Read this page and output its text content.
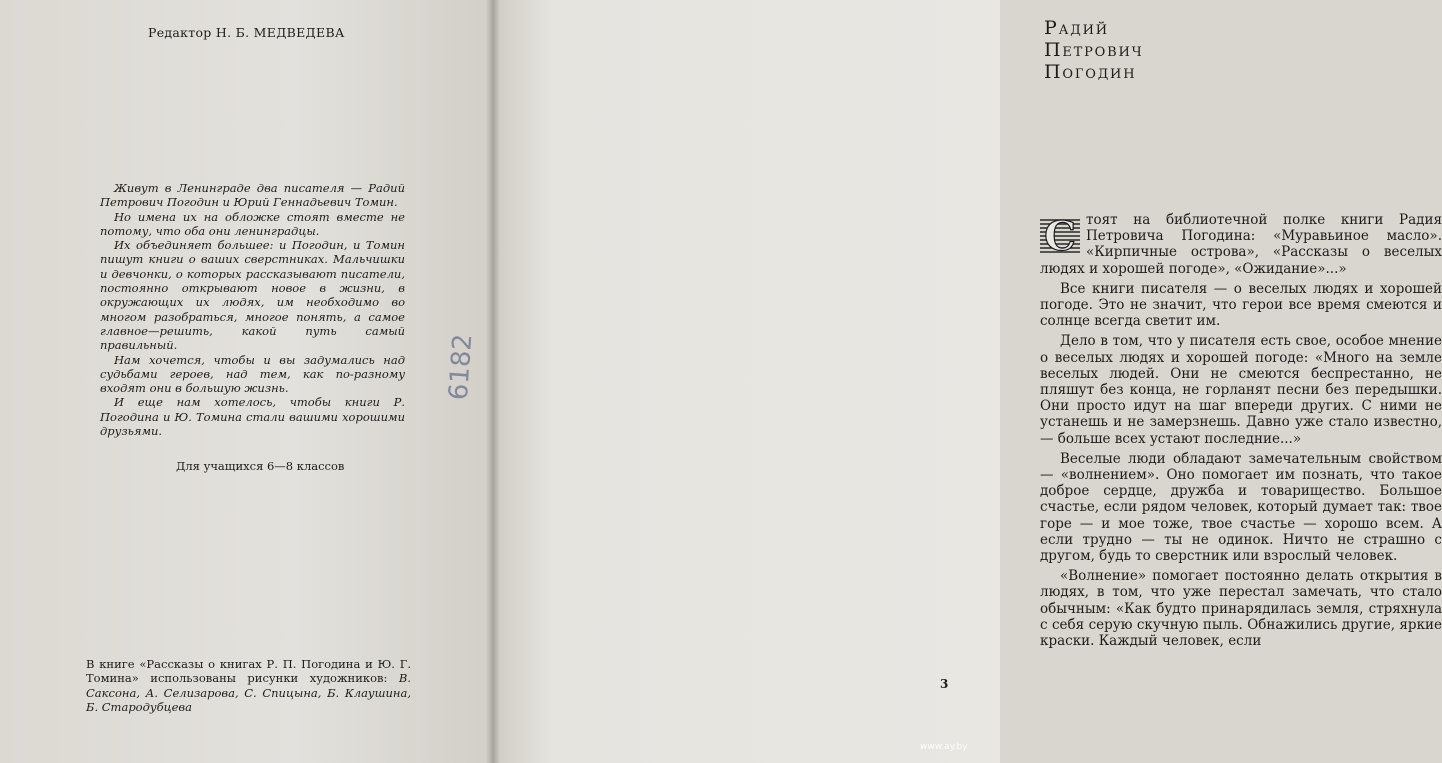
Редактор Н. Б. МЕДВЕДЕВА

Живут в Ленинграде два писателя — Радий Петрович Погодин и Юрий Геннадьевич Томин.

Но имена их на обложке стоят вместе не потому, что оба они ленинградцы.

Их объединяет большее: и Погодин, и Томин пишут книги о ваших сверстниках. Мальчишки и девчонки, о которых рассказывают писатели, постоянно открывают новое в жизни, в окружающих их людях, им необходимо во многом разобраться, многое понять, а самое главное—решить, какой путь самый правильный.

Нам хочется, чтобы и вы задумались над судьбами героев, над тем, как по-разному входят они в большую жизнь.

И еще нам хотелось, чтобы книги Р. Погодина и Ю. Томина стали вашими хорошими друзьями.

6182
Для учащихся 6—8 классов
В книге «Рассказы о книгах Р. П. Погодина и Ю. Г. Томина» использованы рисунки художников: В. Саксона, А. Селизарова, С. Спицына, Б. Клаушина, Б. Стародубцева
Радий Петрович Погодин

С тоят на библиотечной полке книги Радия Петровича Погодина: «Муравьиное масло». «Кирпичные острова», «Рассказы о веселых людях и хорошей погоде», «Ожидание»...»

Все книги писателя — о веселых людях и хорошей погоде. Это не значит, что герои все время смеются и солнце всегда светит им.

Дело в том, что у писателя есть свое, особое мнение о веселых людях и хорошей погоде: «Много на земле веселых людей. Они не смеются беспрестанно, не пляшут без конца, не горланят песни без передышки. Они просто идут на шаг впереди других. С ними не устанешь и не замерзнешь. Давно уже стало известно, — больше всех устают последние...»

Веселые люди обладают замечательным свойством — «волнением». Оно помогает им познать, что такое доброе сердце, дружба и товарищество. Большое счастье, если рядом человек, который думает так: твое горе — и мое тоже, твое счастье — хорошо всем. А если трудно — ты не одинок. Ничто не страшно с другом, будь то сверстник или взрослый человек.

«Волнение» помогает постоянно делать открытия в людях, в том, что уже перестал замечать, что стало обычным: «Как будто принарядилась земля, стряхнула с себя серую скучную пыль. Обнажились другие, яркие краски. Каждый человек, если

3
www.ay.by
